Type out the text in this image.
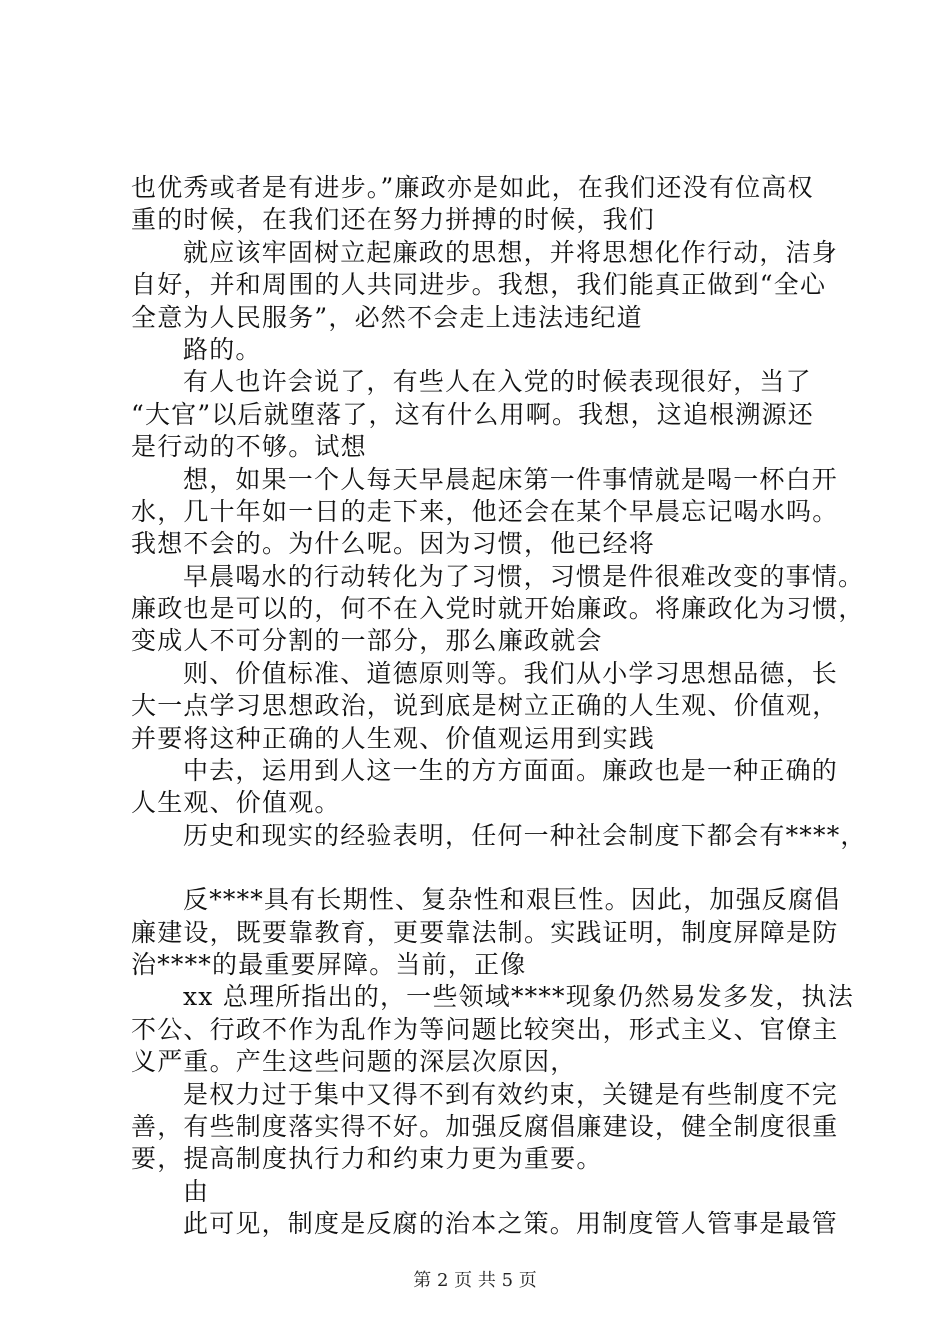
也优秀或者是有进步。”廉政亦是如此，在我们还没有位高权
重的时候，在我们还在努力拼搏的时候，我们
就应该牢固树立起廉政的思想，并将思想化作行动，洁身
自好，并和周围的人共同进步。我想，我们能真正做到“全心
全意为人民服务”，必然不会走上违法违纪道
路的。
有人也许会说了，有些人在入党的时候表现很好，当了
“大官”以后就堕落了，这有什么用啊。我想，这追根溯源还
是行动的不够。试想
想，如果一个人每天早晨起床第一件事情就是喝一杯白开
水，几十年如一日的走下来，他还会在某个早晨忘记喝水吗。
我想不会的。为什么呢。因为习惯，他已经将
早晨喝水的行动转化为了习惯，习惯是件很难改变的事情。
廉政也是可以的，何不在入党时就开始廉政。将廉政化为习惯，
变成人不可分割的一部分，那么廉政就会
则、价值标准、道德原则等。我们从小学习思想品德，长
大一点学习思想政治，说到底是树立正确的人生观、价值观，
并要将这种正确的人生观、价值观运用到实践
中去，运用到人这一生的方方面面。廉政也是一种正确的
人生观、价值观。
历史和现实的经验表明，任何一种社会制度下都会有****，
反****具有长期性、复杂性和艰巨性。因此，加强反腐倡
廉建设，既要靠教育，更要靠法制。实践证明，制度屏障是防
治****的最重要屏障。当前，正像
xx 总理所指出的，一些领域****现象仍然易发多发，执法
不公、行政不作为乱作为等问题比较突出，形式主义、官僚主
义严重。产生这些问题的深层次原因，
是权力过于集中又得不到有效约束，关键是有些制度不完
善，有些制度落实得不好。加强反腐倡廉建设，健全制度很重
要，提高制度执行力和约束力更为重要。
由
此可见，制度是反腐的治本之策。用制度管人管事是最管
第 2 页 共 5 页
